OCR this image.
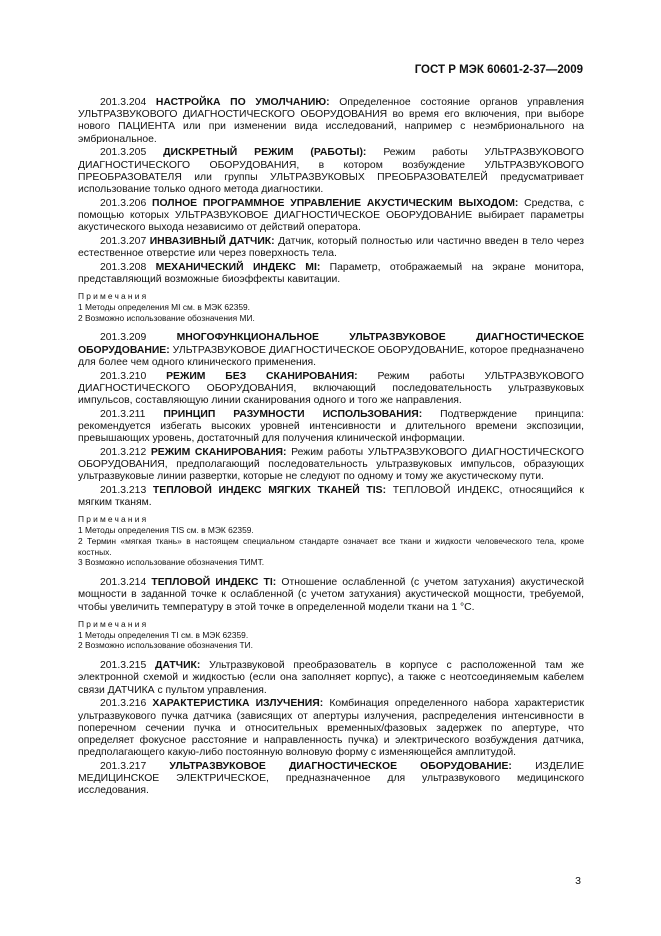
ГОСТ Р МЭК 60601-2-37—2009
201.3.204 НАСТРОЙКА ПО УМОЛЧАНИЮ: Определенное состояние органов управления УЛЬТРАЗВУКОВОГО ДИАГНОСТИЧЕСКОГО ОБОРУДОВАНИЯ во время его включения, при выборе нового ПАЦИЕНТА или при изменении вида исследований, например с неэмбрионального на эмбриональное.
201.3.205 ДИСКРЕТНЫЙ РЕЖИМ (РАБОТЫ): Режим работы УЛЬТРАЗВУКОВОГО ДИАГНОСТИЧЕСКОГО ОБОРУДОВАНИЯ, в котором возбуждение УЛЬТРАЗВУКОВОГО ПРЕОБРАЗОВАТЕЛЯ или группы УЛЬТРАЗВУКОВЫХ ПРЕОБРАЗОВАТЕЛЕЙ предусматривает использование только одного метода диагностики.
201.3.206 ПОЛНОЕ ПРОГРАММНОЕ УПРАВЛЕНИЕ АКУСТИЧЕСКИМ ВЫХОДОМ: Средства, с помощью которых УЛЬТРАЗВУКОВОЕ ДИАГНОСТИЧЕСКОЕ ОБОРУДОВАНИЕ выбирает параметры акустического выхода независимо от действий оператора.
201.3.207 ИНВАЗИВНЫЙ ДАТЧИК: Датчик, который полностью или частично введен в тело через естественное отверстие или через поверхность тела.
201.3.208 МЕХАНИЧЕСКИЙ ИНДЕКС MI: Параметр, отображаемый на экране монитора, представляющий возможные биоэффекты кавитации.
Примечания
1 Методы определения MI см. в МЭК 62359.
2 Возможно использование обозначения МИ.
201.3.209	МНОГОФУНКЦИОНАЛЬНОЕ УЛЬТРАЗВУКОВОЕ ДИАГНОСТИЧЕСКОЕ ОБОРУДОВАНИЕ: УЛЬТРАЗВУКОВОЕ ДИАГНОСТИЧЕСКОЕ ОБОРУДОВАНИЕ, которое предназначено для более чем одного клинического применения.
201.3.210 РЕЖИМ БЕЗ СКАНИРОВАНИЯ: Режим работы УЛЬТРАЗВУКОВОГО ДИАГНОСТИЧЕСКОГО ОБОРУДОВАНИЯ, включающий последовательность ультразвуковых импульсов, составляющую линии сканирования одного и того же направления.
201.3.211 ПРИНЦИП РАЗУМНОСТИ ИСПОЛЬЗОВАНИЯ: Подтверждение принципа: рекомендуется избегать высоких уровней интенсивности и длительного времени экспозиции, превышающих уровень, достаточный для получения клинической информации.
201.3.212 РЕЖИМ СКАНИРОВАНИЯ: Режим работы УЛЬТРАЗВУКОВОГО ДИАГНОСТИЧЕСКОГО ОБОРУДОВАНИЯ, предполагающий последовательность ультразвуковых импульсов, образующих ультразвуковые линии развертки, которые не следуют по одному и тому же акустическому пути.
201.3.213 ТЕПЛОВОЙ ИНДЕКС МЯГКИХ ТКАНЕЙ TIS: ТЕПЛОВОЙ ИНДЕКС, относящийся к мягким тканям.
Примечания
1 Методы определения TIS см. в МЭК 62359.
2 Термин «мягкая ткань» в настоящем специальном стандарте означает все ткани и жидкости человеческого тела, кроме костных.
3 Возможно использование обозначения ТИМТ.
201.3.214 ТЕПЛОВОЙ ИНДЕКС TI: Отношение ослабленной (с учетом затухания) акустической мощности в заданной точке к ослабленной (с учетом затухания) акустической мощности, требуемой, чтобы увеличить температуру в этой точке в определенной модели ткани на 1 °С.
Примечания
1 Методы определения TI см. в МЭК 62359.
2 Возможно использование обозначения ТИ.
201.3.215 ДАТЧИК: Ультразвуковой преобразователь в корпусе с расположенной там же электронной схемой и жидкостью (если она заполняет корпус), а также с неотсоединяемым кабелем связи ДАТЧИКА с пультом управления.
201.3.216 ХАРАКТЕРИСТИКА ИЗЛУЧЕНИЯ: Комбинация определенного набора характеристик ультразвукового пучка датчика (зависящих от апертуры излучения, распределения интенсивности в поперечном сечении пучка и относительных временных/фазовых задержек по апертуре, что определяет фокусное расстояние и направленность пучка) и электрического возбуждения датчика, предполагающего какую-либо постоянную волновую форму с изменяющейся амплитудой.
201.3.217 УЛЬТРАЗВУКОВОЕ ДИАГНОСТИЧЕСКОЕ ОБОРУДОВАНИЕ: ИЗДЕЛИЕ МЕДИЦИНСКОЕ ЭЛЕКТРИЧЕСКОЕ, предназначенное для ультразвукового медицинского исследования.
3
